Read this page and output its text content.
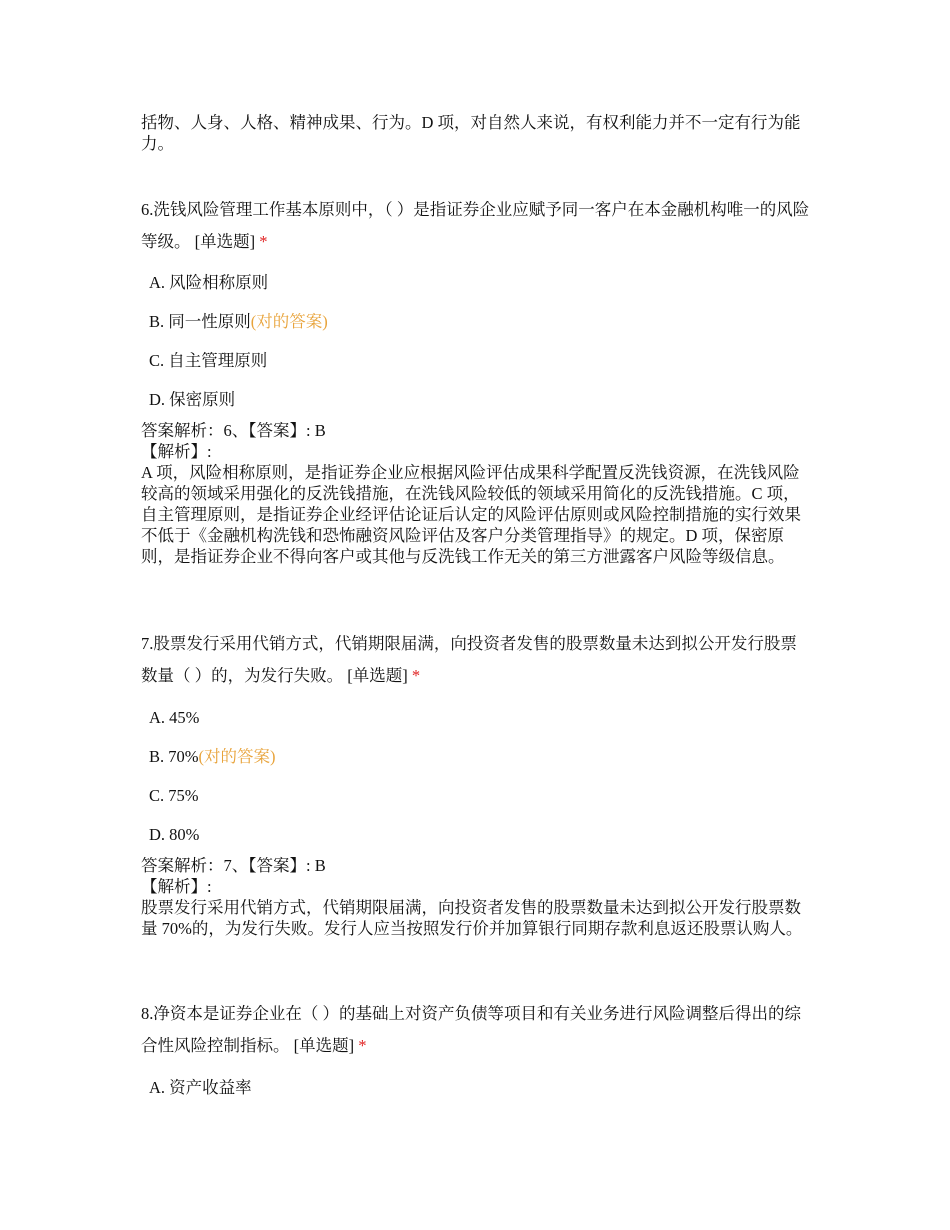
括物、人身、人格、精神成果、行为。D 项，对自然人来说，有权利能力并不一定有行为能力。

6.洗钱风险管理工作基本原则中，（ ）是指证券企业应赋予同一客户在本金融机构唯一的风险等级。 [单选题] *

A. 风险相称原则

B. 同一性原则(对的答案)

C. 自主管理原则

D. 保密原则

答案解析：6、【答案】: B

【解析】:

A 项，风险相称原则，是指证券企业应根据风险评估成果科学配置反洗钱资源，在洗钱风险较高的领域采用强化的反洗钱措施，在洗钱风险较低的领域采用简化的反洗钱措施。C 项，自主管理原则，是指证券企业经评估论证后认定的风险评估原则或风险控制措施的实行效果不低于《金融机构洗钱和恐怖融资风险评估及客户分类管理指导》的规定。D 项，保密原则，是指证券企业不得向客户或其他与反洗钱工作无关的第三方泄露客户风险等级信息。

7.股票发行采用代销方式，代销期限届满，向投资者发售的股票数量未达到拟公开发行股票数量（ ）的，为发行失败。 [单选题] *

A. 45%

B. 70%(对的答案)

C. 75%

D. 80%

答案解析：7、【答案】: B

【解析】:

股票发行采用代销方式，代销期限届满，向投资者发售的股票数量未达到拟公开发行股票数量 70%的，为发行失败。发行人应当按照发行价并加算银行同期存款利息返还股票认购人。

8.净资本是证券企业在（ ）的基础上对资产负债等项目和有关业务进行风险调整后得出的综合性风险控制指标。 [单选题] *

A. 资产收益率
